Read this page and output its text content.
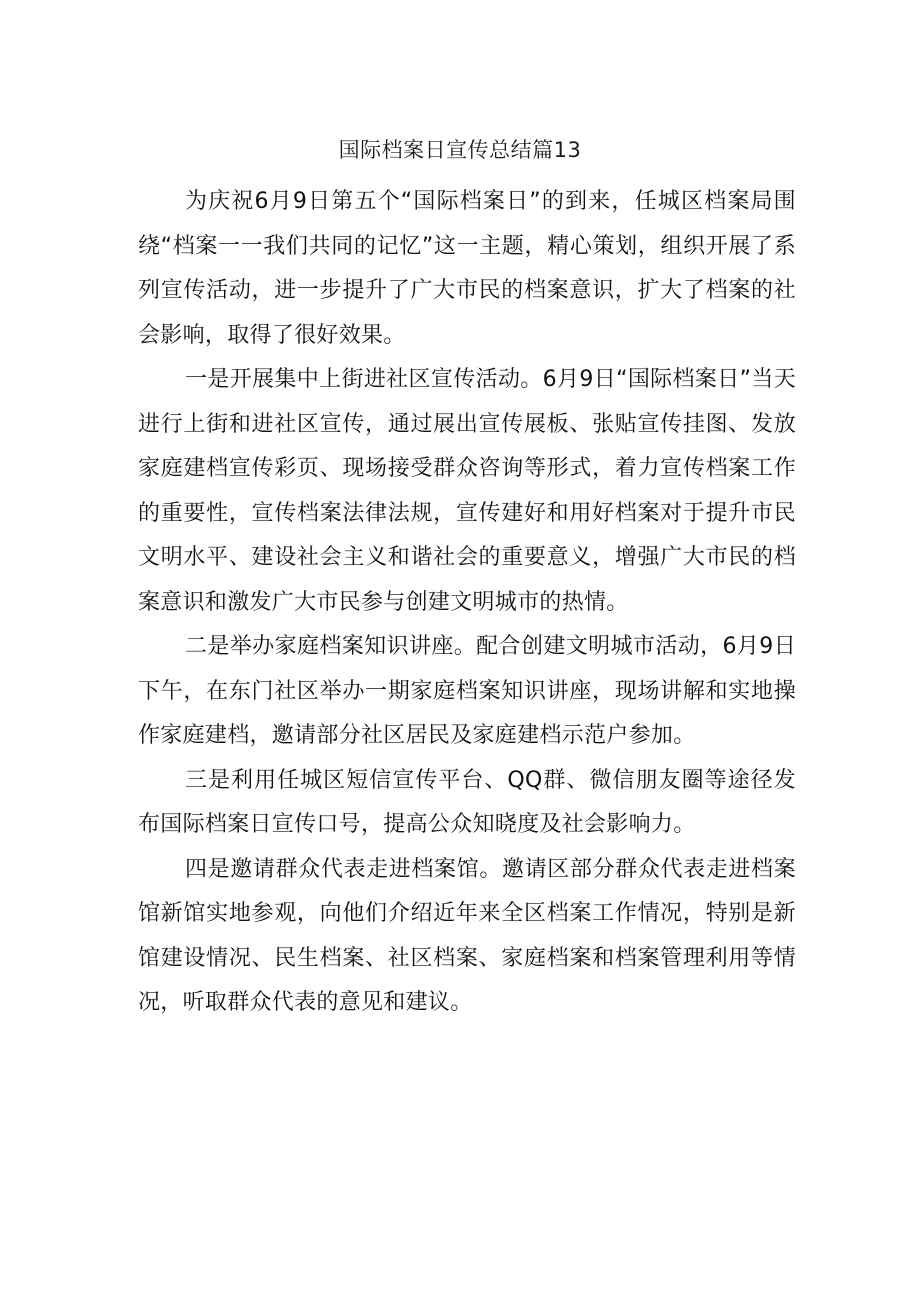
国际档案日宣传总结篇13

为庆祝6月9日第五个“国际档案日”的到来，任城区档案局围绕“档案一一我们共同的记忆”这一主题，精心策划，组织开展了系列宣传活动，进一步提升了广大市民的档案意识，扩大了档案的社会影响，取得了很好效果。

一是开展集中上街进社区宣传活动。6月9日“国际档案日”当天进行上街和进社区宣传，通过展出宣传展板、张贴宣传挂图、发放家庭建档宣传彩页、现场接受群众咨询等形式，着力宣传档案工作的重要性，宣传档案法律法规，宣传建好和用好档案对于提升市民文明水平、建设社会主义和谐社会的重要意义，增强广大市民的档案意识和激发广大市民参与创建文明城市的热情。

二是举办家庭档案知识讲座。配合创建文明城市活动，6月9日下午，在东门社区举办一期家庭档案知识讲座，现场讲解和实地操作家庭建档，邀请部分社区居民及家庭建档示范户参加。

三是利用任城区短信宣传平台、QQ群、微信朋友圈等途径发布国际档案日宣传口号，提高公众知晓度及社会影响力。

四是邀请群众代表走进档案馆。邀请区部分群众代表走进档案馆新馆实地参观，向他们介绍近年来全区档案工作情况，特别是新馆建设情况、民生档案、社区档案、家庭档案和档案管理利用等情况，听取群众代表的意见和建议。
